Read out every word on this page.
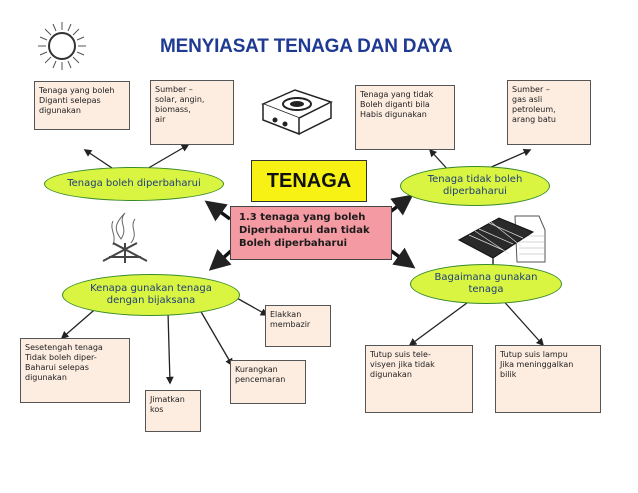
MENYIASAT TENAGA DAN DAYA
Tenaga yang boleh
Diganti selepas
digunakan
Sumber –
solar, angin,
biomass,
air
Tenaga yang tidak
Boleh diganti bila
Habis digunakan
Sumber –
gas asli
petroleum,
arang batu
Tenaga boleh diperbaharui	Tenaga tidak boleh
diperbaharui
Kenapa gunakan tenaga
dengan bijaksana
Bagaimana gunakan
tenaga
TENAGA
1.3 tenaga yang boleh
Diperbaharui dan tidak
Boleh diperbaharui
Elakkan
membazir
Sesetengah tenaga
Tidak boleh diper-
Baharui selepas
digunakan
Jimatkan
kos
Kurangkan
pencemaran
Tutup suis tele-
visyen jika tidak
digunakan
Tutup suis lampu
Jika meninggalkan
bilik
